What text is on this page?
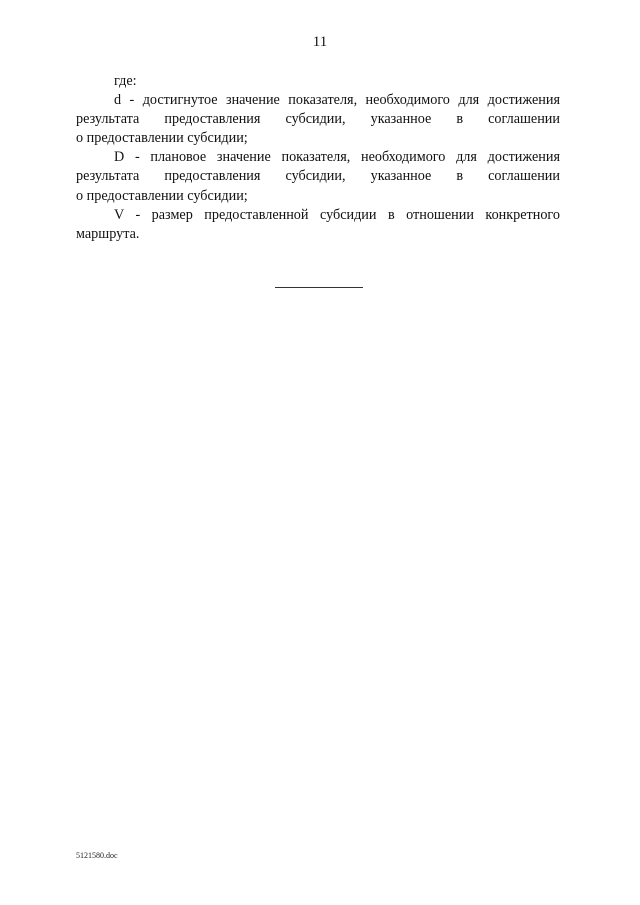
11
где:
d - достигнутое значение показателя, необходимого для достижения
результата предоставления субсидии, указанное в соглашении
о предоставлении субсидии;
D - плановое значение показателя, необходимого для достижения
результата предоставления субсидии, указанное в соглашении
о предоставлении субсидии;
V - размер предоставленной субсидии в отношении конкретного
маршрута.
5121580.doc
